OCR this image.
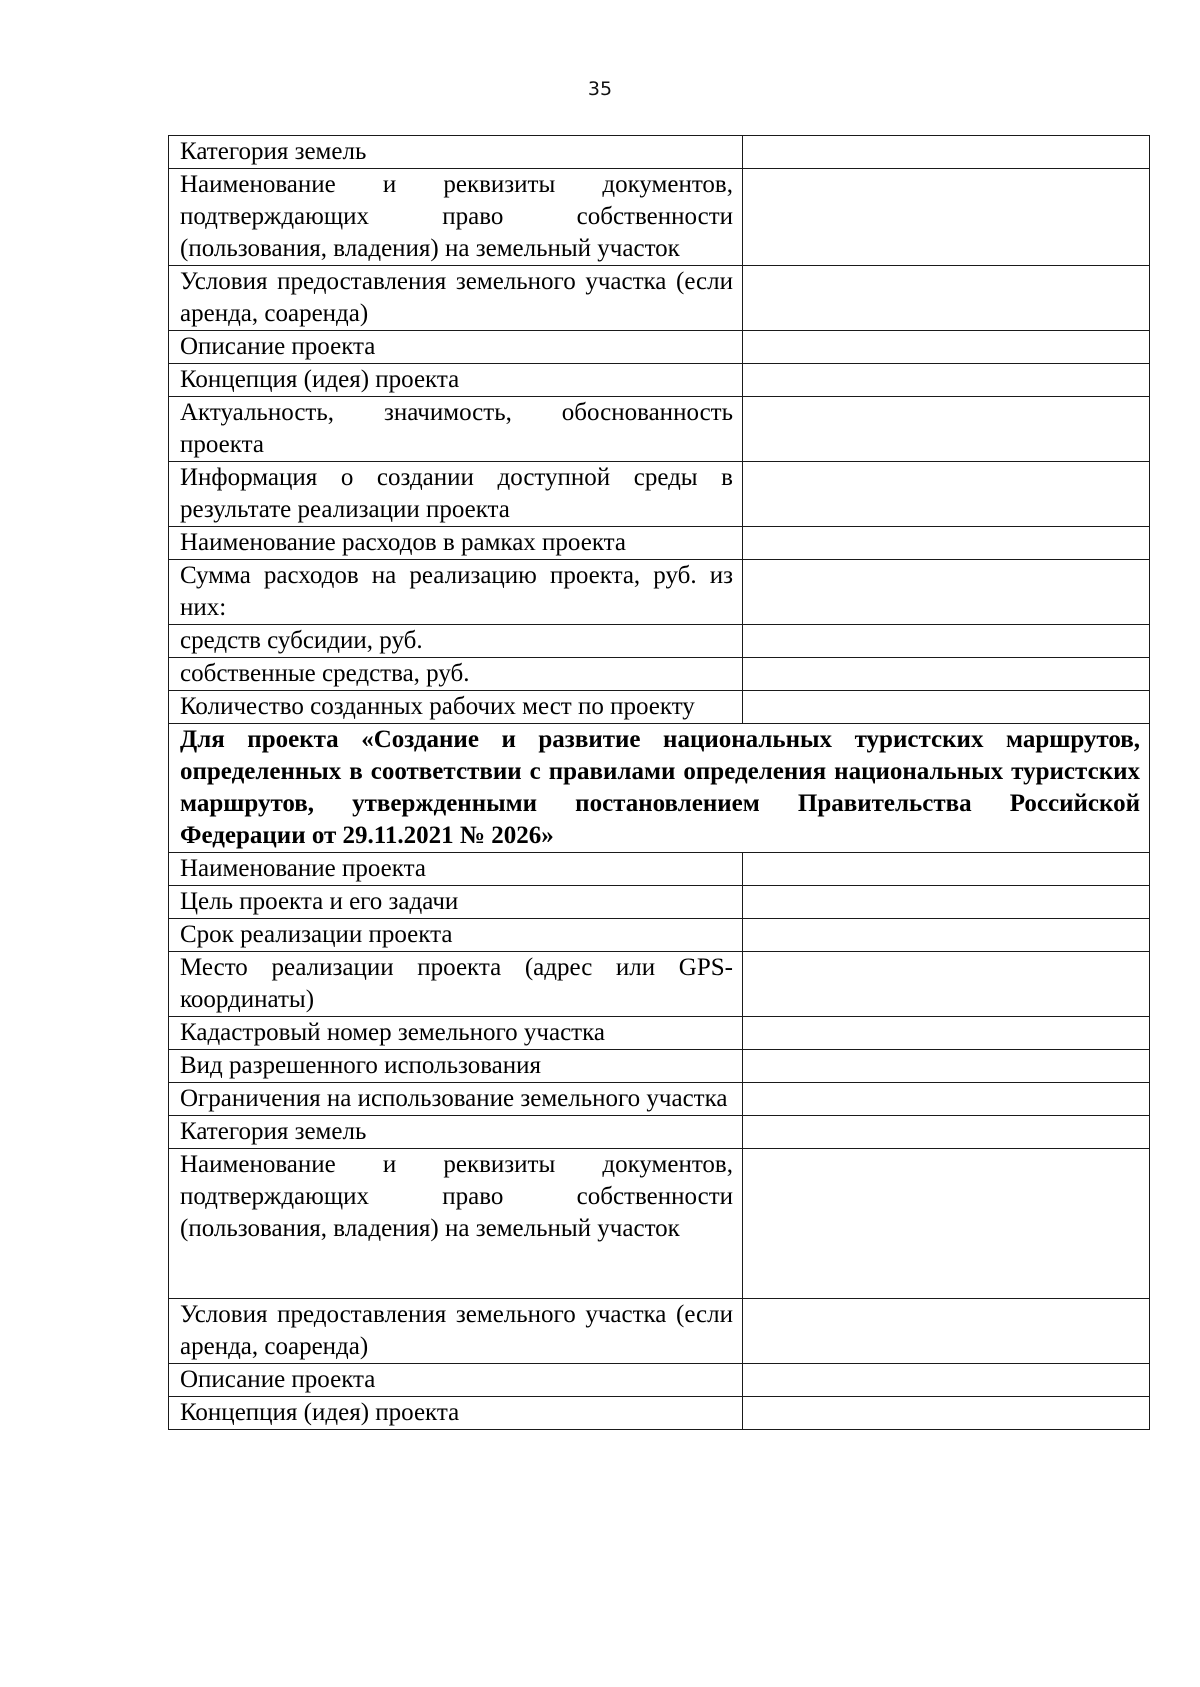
35
Категория земель	
Наименование и реквизиты документов, подтверждающих право собственности (пользования, владения) на земельный участок	
Условия предоставления земельного участка (если аренда, соаренда)	
Описание проекта	
Концепция (идея) проекта	
Актуальность, значимость, обоснованность проекта	
Информация о создании доступной среды в результате реализации проекта	
Наименование расходов в рамках проекта	
Сумма расходов на реализацию проекта, руб. из них:	
средств субсидии, руб.	
собственные средства, руб.	
Количество созданных рабочих мест по проекту	
Для проекта «Создание и развитие национальных туристских маршрутов, определенных в соответствии с правилами определения национальных туристских маршрутов, утвержденными постановлением Правительства Российской Федерации от 29.11.2021 № 2026»	
Наименование проекта	
Цель проекта и его задачи	
Срок реализации проекта	
Место реализации проекта (адрес или GPS-координаты)	
Кадастровый номер земельного участка	
Вид разрешенного использования	
Ограничения на использование земельного участка	
Категория земель	
Наименование и реквизиты документов, подтверждающих право собственности (пользования, владения) на земельный участок	
Условия предоставления земельного участка (если аренда, соаренда)	
Описание проекта	
Концепция (идея) проекта	
